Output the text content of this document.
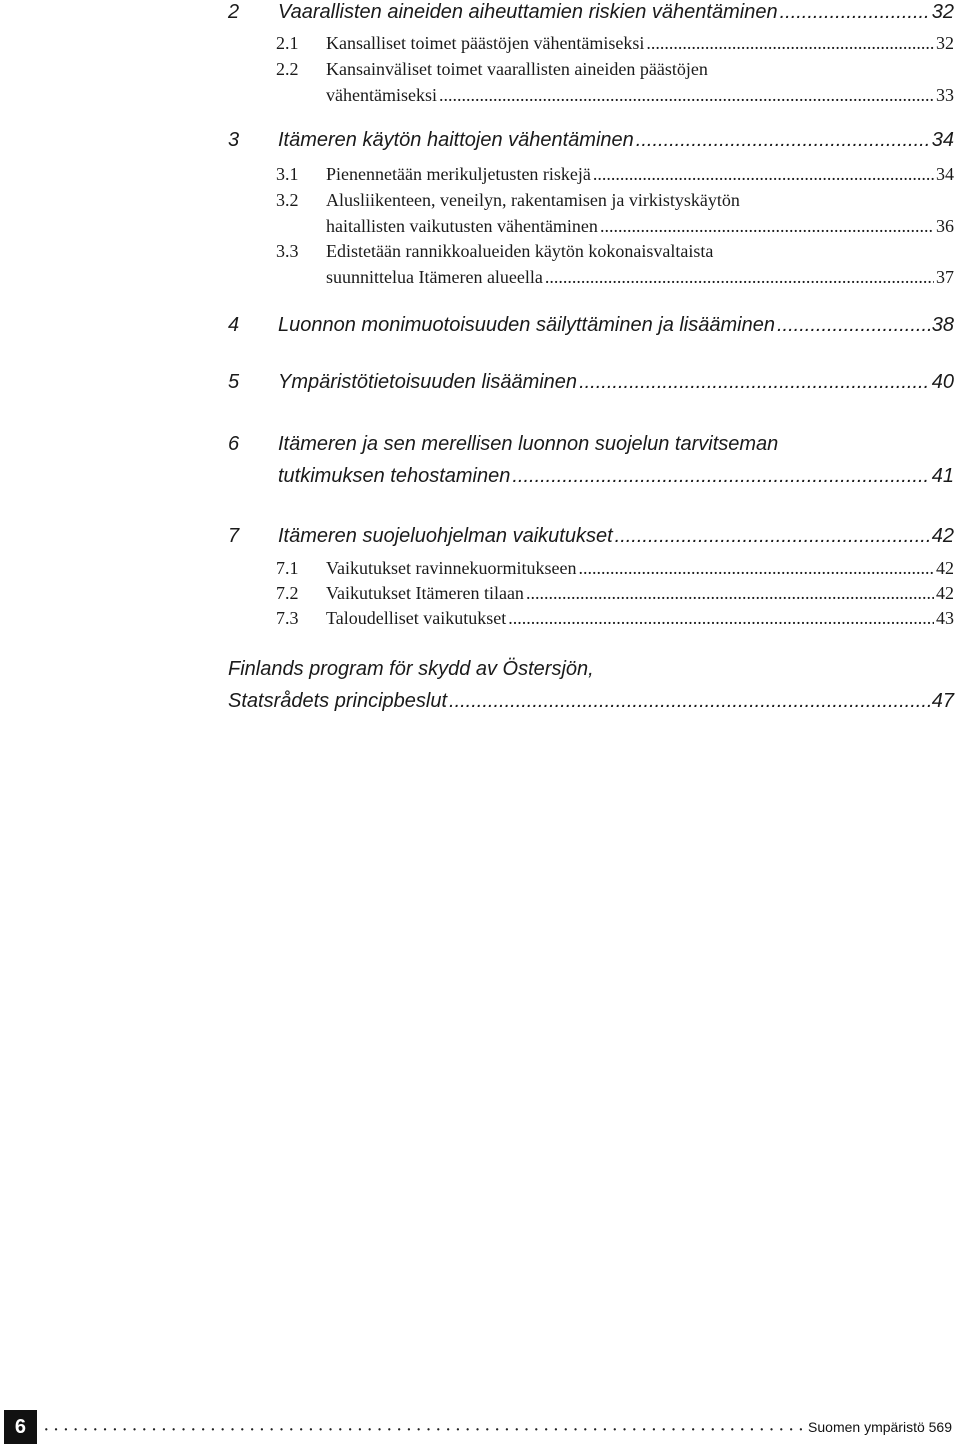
2	Vaarallisten aineiden aiheuttamien riskien vähentäminen .....	32
2.1	Kansalliset toimet päästöjen vähentämiseksi .....	32
2.2	Kansainväliset toimet vaarallisten aineiden päästöjen
vähentämiseksi .....	33
3	Itämeren käytön haittojen vähentäminen .....	34
3.1	Pienennetään merikuljetusten riskejä .....	34
3.2	Alusliikenteen, veneilyn, rakentamisen ja virkistyskäytön
haitallisten vaikutusten vähentäminen .....	36
3.3	Edistetään rannikkoalueiden käytön kokonaisvaltaista
suunnittelua Itämeren alueella .....	37
4	Luonnon monimuotoisuuden säilyttäminen ja lisääminen .....	38
5	Ympäristötietoisuuden lisääminen .....	40
6	Itämeren ja sen merellisen luonnon suojelun tarvitseman
tutkimuksen tehostaminen .....	41
7	Itämeren suojeluohjelman vaikutukset .....	42
7.1	Vaikutukset ravinnekuormitukseen .....	42
7.2	Vaikutukset Itämeren tilaan .....	42
7.3	Taloudelliset vaikutukset .....	43
Finlands program för skydd av Östersjön,
Statsrådets principbeslut .....	47
6 •••••	Suomen ympäristö 569
